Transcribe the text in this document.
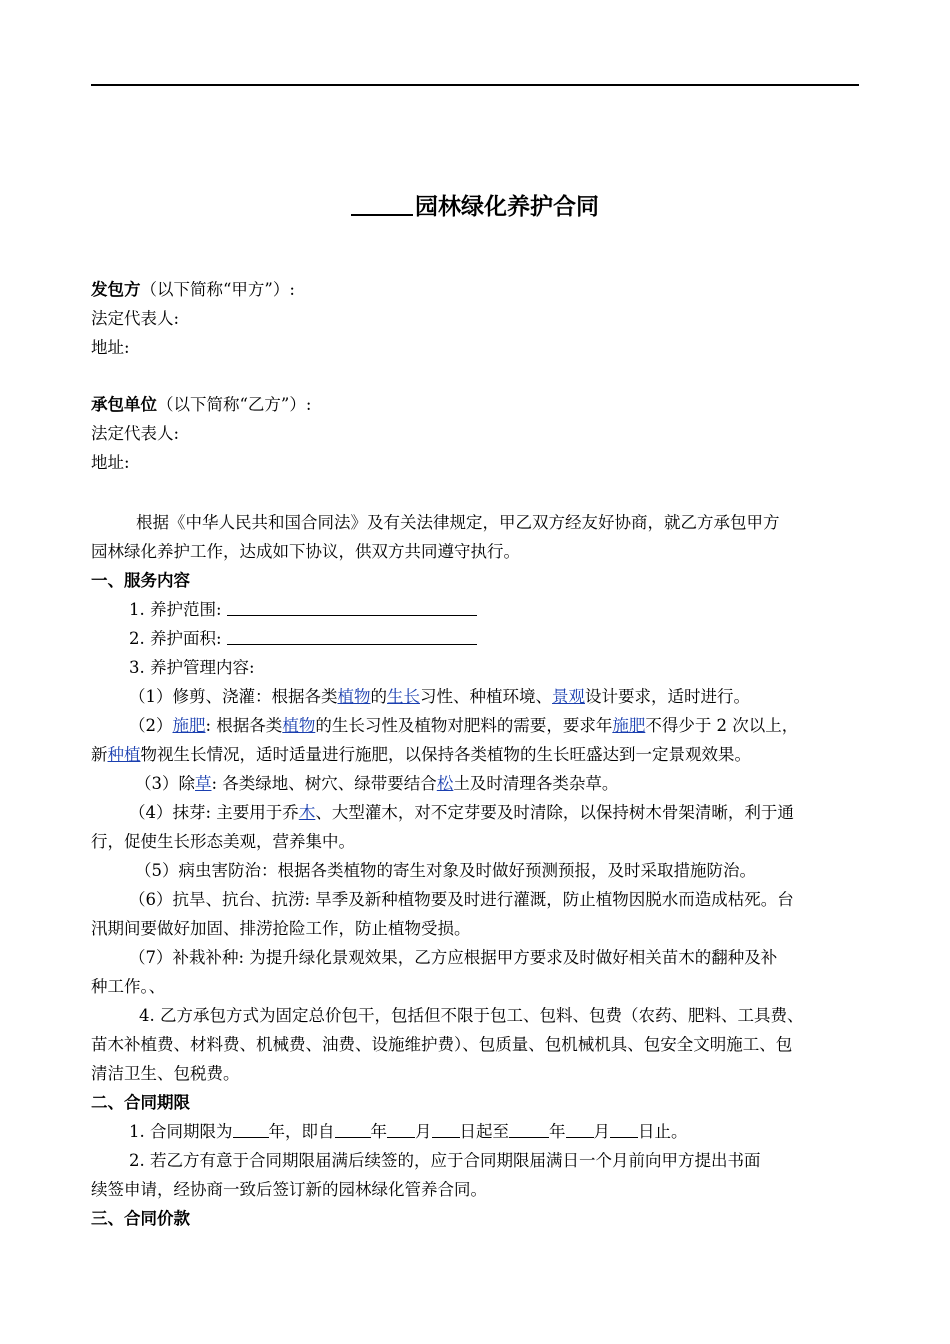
园林绿化养护合同
发包方（以下简称“甲方”）:
法定代表人:
地址:
承包单位（以下简称“乙方”）:
法定代表人:
地址:
根据《中华人民共和国合同法》及有关法律规定，甲乙双方经友好协商，就乙方承包甲方
园林绿化养护工作，达成如下协议，供双方共同遵守执行。
一、服务内容
1. 养护范围:
2. 养护面积:
3. 养护管理内容:
（1）修剪、浇灌：根据各类植物的生长习性、种植环境、景观设计要求，适时进行。
（2）施肥: 根据各类植物的生长习性及植物对肥料的需要，要求年施肥不得少于 2 次以上，
新种植物视生长情况，适时适量进行施肥，以保持各类植物的生长旺盛达到一定景观效果。
（3）除草: 各类绿地、树穴、绿带要结合松土及时清理各类杂草。
（4）抹芽: 主要用于乔木、大型灌木，对不定芽要及时清除，以保持树木骨架清晰，利于通
行，促使生长形态美观，营养集中。
（5）病虫害防治：根据各类植物的寄生对象及时做好预测预报，及时采取措施防治。
（6）抗旱、抗台、抗涝: 旱季及新种植物要及时进行灌溉，防止植物因脱水而造成枯死。台
汛期间要做好加固、排涝抢险工作，防止植物受损。
（7）补栽补种: 为提升绿化景观效果，乙方应根据甲方要求及时做好相关苗木的翻种及补
种工作。、
4. 乙方承包方式为固定总价包干，包括但不限于包工、包料、包费（农药、肥料、工具费、
苗木补植费、材料费、机械费、油费、设施维护费）、包质量、包机械机具、包安全文明施工、包
清洁卫生、包税费。
二、合同期限
1. 合同期限为 年，即自 年 月 日起至 年 月 日止。
2. 若乙方有意于合同期限届满后续签的，应于合同期限届满日一个月前向甲方提出书面
续签申请，经协商一致后签订新的园林绿化管养合同。
三、合同价款
